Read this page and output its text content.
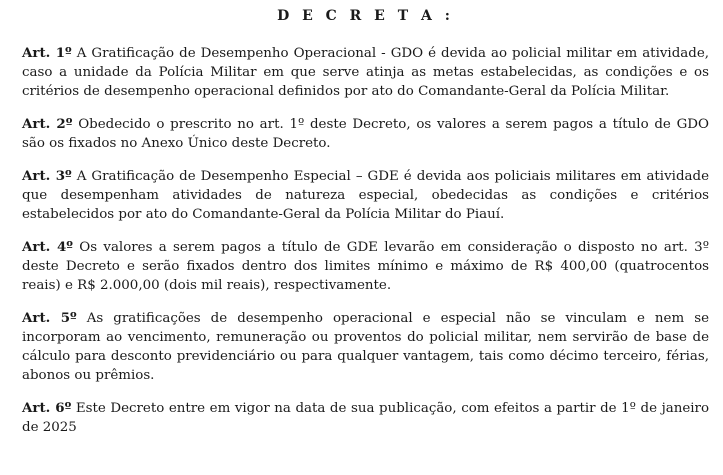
D E C R E T A :

Art. 1º A Gratificação de Desempenho Operacional - GDO é devida ao policial militar em atividade, caso a unidade da Polícia Militar em que serve atinja as metas estabelecidas, as condições e os critérios de desempenho operacional definidos por ato do Comandante-Geral da Polícia Militar.

Art. 2º Obedecido o prescrito no art. 1º deste Decreto, os valores a serem pagos a título de GDO são os fixados no Anexo Único deste Decreto.

Art. 3º A Gratificação de Desempenho Especial – GDE é devida aos policiais militares em atividade que desempenham atividades de natureza especial, obedecidas as condições e critérios estabelecidos por ato do Comandante-Geral da Polícia Militar do Piauí.

Art. 4º Os valores a serem pagos a título de GDE levarão em consideração o disposto no art. 3º deste Decreto e serão fixados dentro dos limites mínimo e máximo de R$ 400,00 (quatrocentos reais) e R$ 2.000,00 (dois mil reais), respectivamente.

Art. 5º As gratificações de desempenho operacional e especial não se vinculam e nem se incorporam ao vencimento, remuneração ou proventos do policial militar, nem servirão de base de cálculo para desconto previdenciário ou para qualquer vantagem, tais como décimo terceiro, férias, abonos ou prêmios.

Art. 6º Este Decreto entre em vigor na data de sua publicação, com efeitos a partir de 1º de janeiro de 2025
